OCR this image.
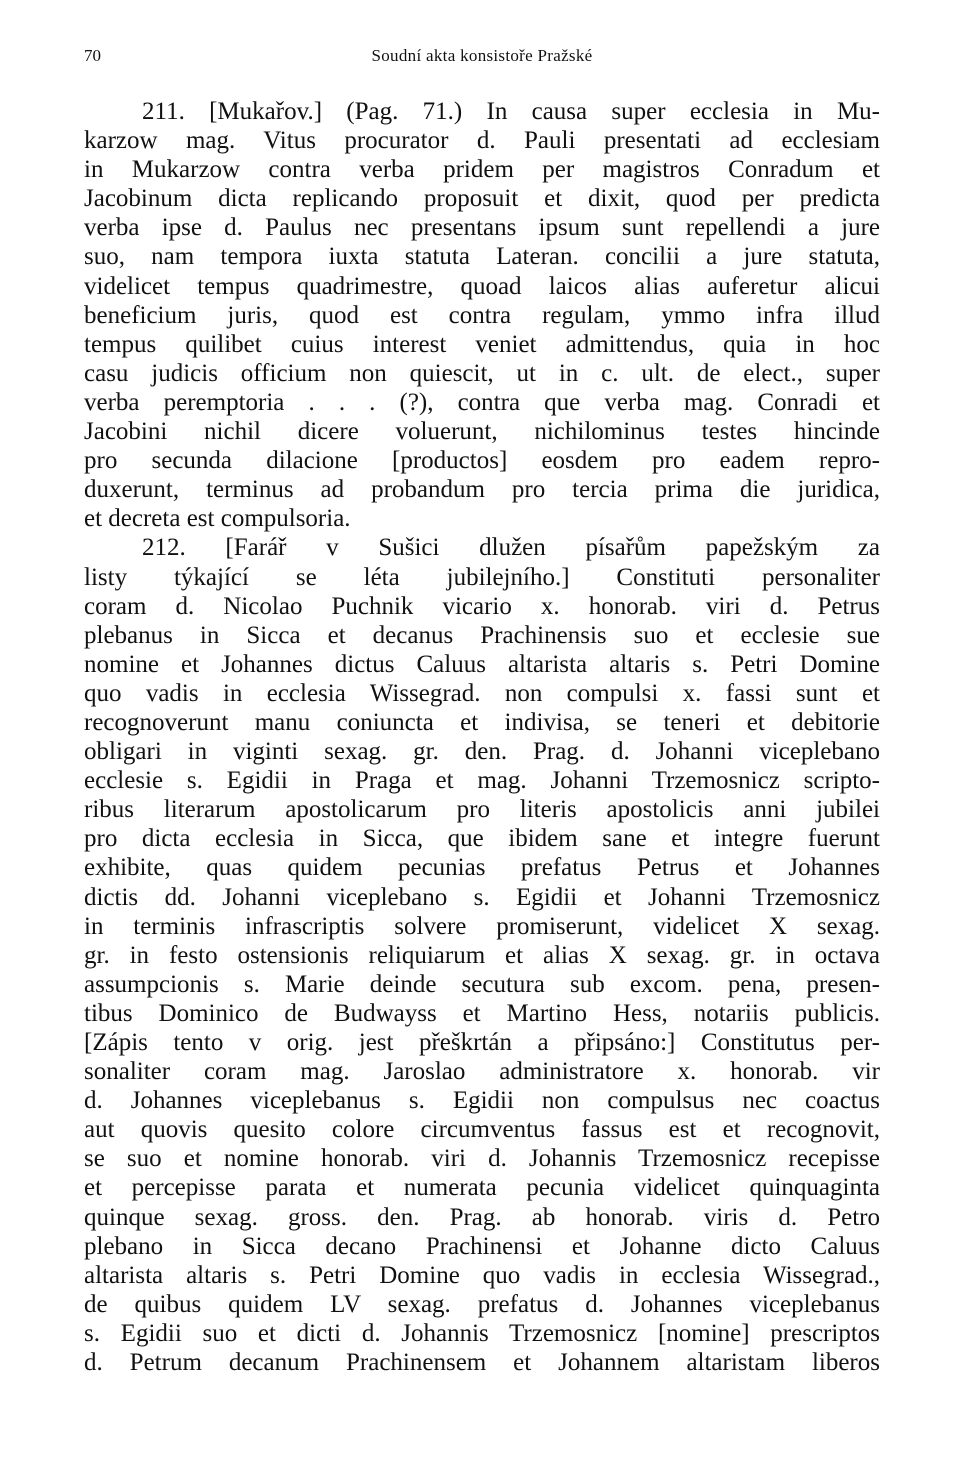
70	Soudní akta konsistoře Pražské
211. [Mukařov.] (Pag. 71.) In causa super ecclesia in Mu-
karzow mag. Vitus procurator d. Pauli presentati ad ecclesiam
in Mukarzow contra verba pridem per magistros Conradum et
Jacobinum dicta replicando proposuit et dixit, quod per predicta
verba ipse d. Paulus nec presentans ipsum sunt repellendi a jure
suo, nam tempora iuxta statuta Lateran. concilii a jure statuta,
videlicet tempus quadrimestre, quoad laicos alias auferetur alicui
beneficium juris, quod est contra regulam, ymmo infra illud
tempus quilibet cuius interest veniet admittendus, quia in hoc
casu judicis officium non quiescit, ut in c. ult. de elect., super
verba peremptoria . . . (?), contra que verba mag. Conradi et
Jacobini nichil dicere voluerunt, nichilominus testes hincinde
pro secunda dilacione [productos] eosdem pro eadem repro-
duxerunt, terminus ad probandum pro tercia prima die juridica,
et decreta est compulsoria.
212. [Farář v Sušici dlužen písařům papežským za
listy týkající se léta jubilejního.] Constituti personaliter
coram d. Nicolao Puchnik vicario x. honorab. viri d. Petrus
plebanus in Sicca et decanus Prachinensis suo et ecclesie sue
nomine et Johannes dictus Caluus altarista altaris s. Petri Domine
quo vadis in ecclesia Wissegrad. non compulsi x. fassi sunt et
recognoverunt manu coniuncta et indivisa, se teneri et debitorie
obligari in viginti sexag. gr. den. Prag. d. Johanni viceplebano
ecclesie s. Egidii in Praga et mag. Johanni Trzemosnicz scripto-
ribus literarum apostolicarum pro literis apostolicis anni jubilei
pro dicta ecclesia in Sicca, que ibidem sane et integre fuerunt
exhibite, quas quidem pecunias prefatus Petrus et Johannes
dictis dd. Johanni viceplebano s. Egidii et Johanni Trzemosnicz
in terminis infrascriptis solvere promiserunt, videlicet X sexag.
gr. in festo ostensionis reliquiarum et alias X sexag. gr. in octava
assumpcionis s. Marie deinde secutura sub excom. pena, presen-
tibus Dominico de Budwayss et Martino Hess, notariis publicis.
[Zápis tento v orig. jest přeškrtán a připsáno:] Constitutus per-
sonaliter coram mag. Jaroslao administratore x. honorab. vir
d. Johannes viceplebanus s. Egidii non compulsus nec coactus
aut quovis quesito colore circumventus fassus est et recognovit,
se suo et nomine honorab. viri d. Johannis Trzemosnicz recepisse
et percepisse parata et numerata pecunia videlicet quinquaginta
quinque sexag. gross. den. Prag. ab honorab. viris d. Petro
plebano in Sicca decano Prachinensi et Johanne dicto Caluus
altarista altaris s. Petri Domine quo vadis in ecclesia Wissegrad.,
de quibus quidem LV sexag. prefatus d. Johannes viceplebanus
s. Egidii suo et dicti d. Johannis Trzemosnicz [nomine] prescriptos
d. Petrum decanum Prachinensem et Johannem altaristam liberos
